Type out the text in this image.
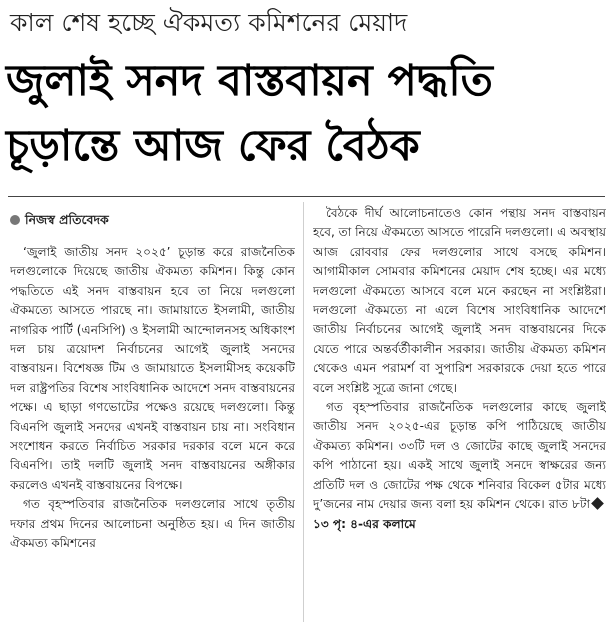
কাল শেষ হচ্ছে ঐকমত্য কমিশনের মেয়াদ
জুলাই সনদ বাস্তবায়ন পদ্ধতি
চূড়ান্তে আজ ফের বৈঠক
নিজস্ব প্রতিবেদক

‘জুলাই জাতীয় সনদ ২০২৫’ চূড়ান্ত করে রাজনৈতিক দলগুলোকে দিয়েছে জাতীয় ঐকমত্য কমিশন। কিন্তু কোন পদ্ধতিতে এই সনদ বাস্তবায়ন হবে তা নিয়ে দলগুলো ঐকমত্যে আসতে পারছে না। জামায়াতে ইসলামী, জাতীয় নাগরিক পার্টি (এনসিপি) ও ইসলামী আন্দোলনসহ অধিকাংশ দল চায় ত্রয়োদশ নির্বাচনের আগেই জুলাই সনদের বাস্তবায়ন। বিশেষজ্ঞ টিম ও জামায়াতে ইসলামীসহ কয়েকটি দল রাষ্ট্রপতির বিশেষ সাংবিধানিক আদেশে সনদ বাস্তবায়নের পক্ষে। এ ছাড়া গণভোটের পক্ষেও রয়েছে দলগুলো। কিন্তু বিএনপি জুলাই সনদের এখনই বাস্তবায়ন চায় না। সংবিধান সংশোধন করতে নির্বাচিত সরকার দরকার বলে মনে করে বিএনপি। তাই দলটি জুলাই সনদ বাস্তবায়নের অঙ্গীকার করলেও এখনই বাস্তবায়নের বিপক্ষে।

গত বৃহস্পতিবার রাজনৈতিক দলগুলোর সাথে তৃতীয় দফার প্রথম দিনের আলোচনা অনুষ্ঠিত হয়। এ দিন জাতীয় ঐকমত্য কমিশনের

বৈঠকে দীর্ঘ আলোচনাতেও কোন পন্থায় সনদ বাস্তবায়ন হবে, তা নিয়ে ঐকমত্যে আসতে পারেনি দলগুলো। এ অবস্থায় আজ রোববার ফের দলগুলোর সাথে বসছে কমিশন। আগামীকাল সোমবার কমিশনের মেয়াদ শেষ হচ্ছে। এর মধ্যে দলগুলো ঐকমত্যে আসবে বলে মনে করছেন না সংশ্লিষ্টরা। দলগুলো ঐকমত্যে না এলে বিশেষ সাংবিধানিক আদেশে জাতীয় নির্বাচনের আগেই জুলাই সনদ বাস্তবায়নের দিকে যেতে পারে অন্তর্বর্তীকালীন সরকার। জাতীয় ঐকমত্য কমিশন থেকেও এমন পরামর্শ বা সুপারিশ সরকারকে দেয়া হতে পারে বলে সংশ্লিষ্ট সূত্রে জানা গেছে।

গত বৃহস্পতিবার রাজনৈতিক দলগুলোর কাছে জুলাই জাতীয় সনদ ২০২৫-এর চূড়ান্ত কপি পাঠিয়েছে জাতীয় ঐকমত্য কমিশন। ৩৩টি দল ও জোটের কাছে জুলাই সনদের কপি পাঠানো হয়। একই সাথে জুলাই সনদে স্বাক্ষরের জন্য প্রতিটি দল ও জোটের পক্ষ থেকে শনিবার বিকেল ৫টার মধ্যে দু’জনের নাম দেয়ার জন্য বলা হয় কমিশন থেকে। রাত ৮টা১৩ পৃ: ৪-এর কলামে
